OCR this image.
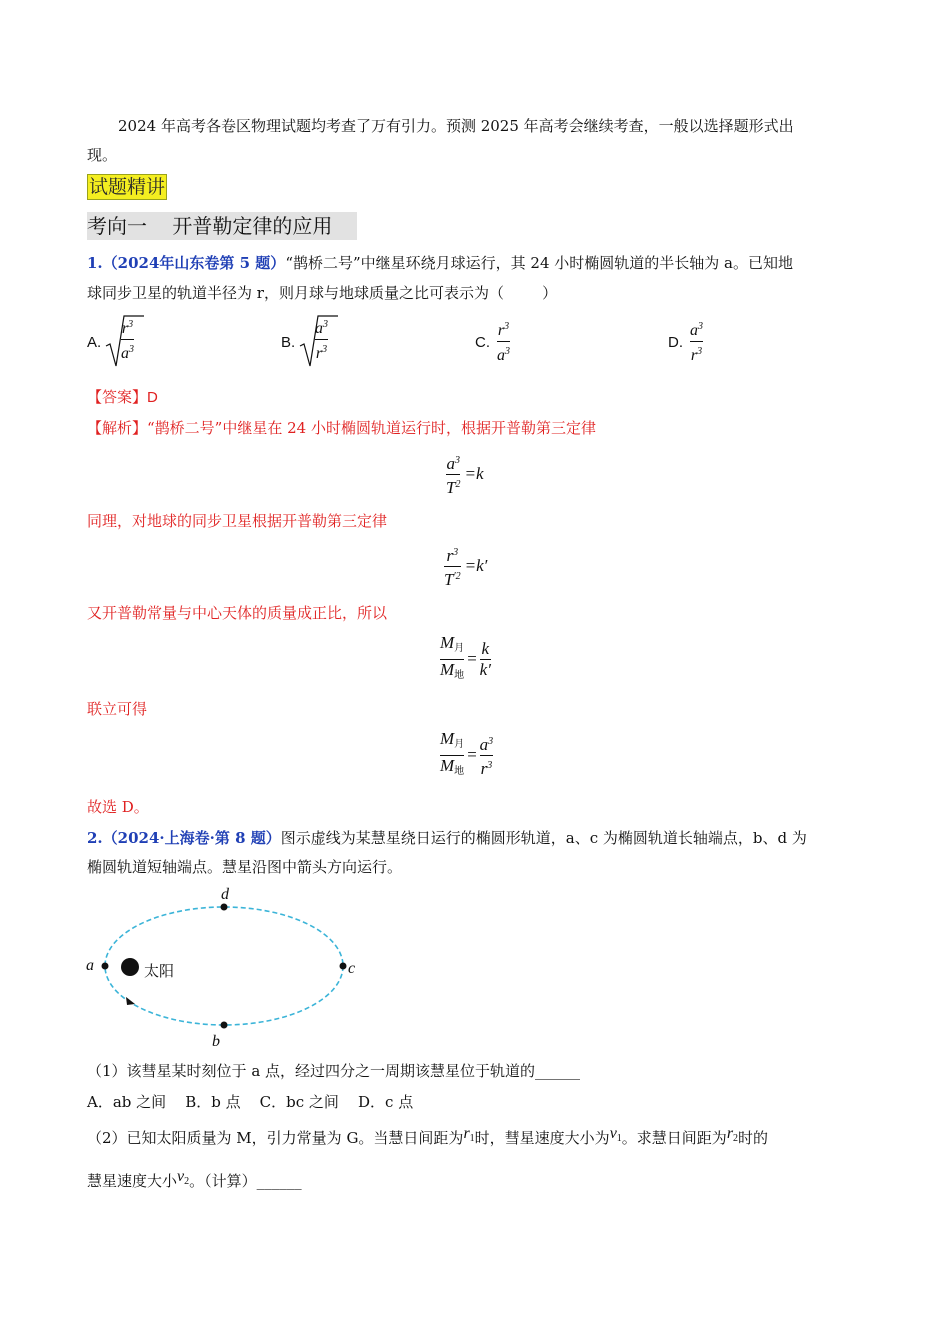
2024 年高考各卷区物理试题均考查了万有引力。预测 2025 年高考会继续考查，一般以选择题形式出
现。
试题精讲
考向一    开普勒定律的应用
1.（2024年山东卷第 5 题）“鹊桥二号”中继星环绕月球运行，其 24 小时椭圆轨道的半长轴为 a。已知地
球同步卫星的轨道半径为 r，则月球与地球质量之比可表示为（        ）
A.
$r^3$
$a^3$	B.
$a^3$
$r^3$	C.
$r^3$
$a^3$
D.
$a^3$
$r^3$
【答案】D
【解析】“鹊桥二号”中继星在 24 小时椭圆轨道运行时，根据开普勒第三定律
$\frac{a^3}{T^2} =k$
同理，对地球的同步卫星根据开普勒第三定律
$\frac{r^3}{T^{'2}} =k'$
又开普勒常量与中心天体的质量成正比，所以
$\frac{M_月}{M_地} = \frac{k}{k'}$
联立可得
$\frac{M_月}{M_地} = \frac{a^3}{r^3}$
故选 D。
2.（2024·上海卷·第 8 题）图示虚线为某慧星绕日运行的椭圆形轨道，a、c 为椭圆轨道长轴端点，b、d 为
椭圆轨道短轴端点。慧星沿图中箭头方向运行。
a
d
c
b
太阳
（1）该彗星某时刻位于 a 点，经过四分之一周期该慧星位于轨道的______
A．ab 之间    B．b 点    C．bc 之间    D．c 点
（2）已知太阳质量为 M，引力常量为 G。当慧日间距为$r_1$时，彗星速度大小为$v_1$。求慧日间距为$r_2$时的
慧星速度大小$v_2$。（计算）______
